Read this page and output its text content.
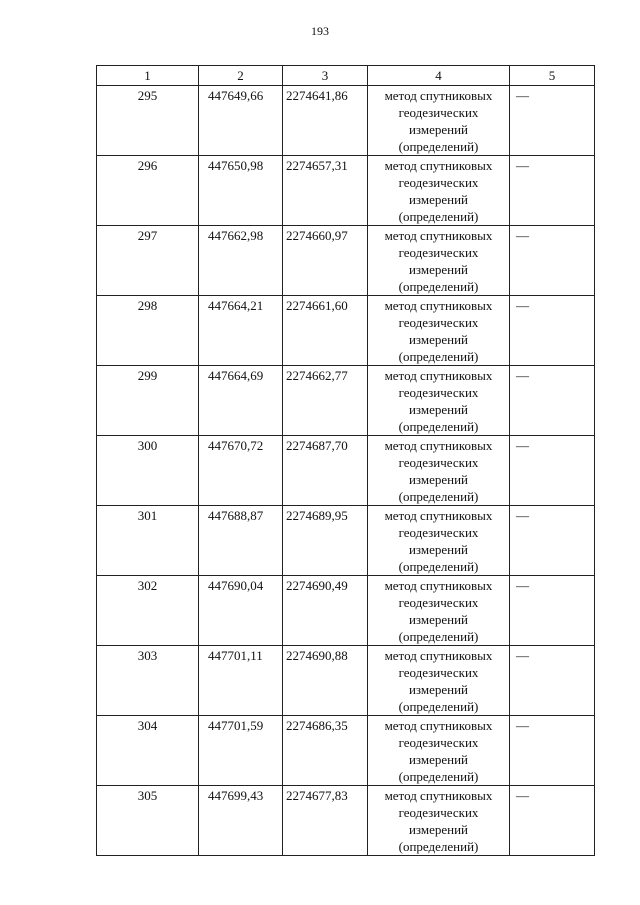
193
1	2	3	4	5
295	447649,66	2274641,86	метод спутниковых
геодезических
измерений
(определений)	—
296	447650,98	2274657,31	метод спутниковых
геодезических
измерений
(определений)	—
297	447662,98	2274660,97	метод спутниковых
геодезических
измерений
(определений)	—
298	447664,21	2274661,60	метод спутниковых
геодезических
измерений
(определений)	—
299	447664,69	2274662,77	метод спутниковых
геодезических
измерений
(определений)	—
300	447670,72	2274687,70	метод спутниковых
геодезических
измерений
(определений)	—
301	447688,87	2274689,95	метод спутниковых
геодезических
измерений
(определений)	—
302	447690,04	2274690,49	метод спутниковых
геодезических
измерений
(определений)	—
303	447701,11	2274690,88	метод спутниковых
геодезических
измерений
(определений)	—
304	447701,59	2274686,35	метод спутниковых
геодезических
измерений
(определений)	—
305	447699,43	2274677,83	метод спутниковых
геодезических
измерений
(определений)	—
